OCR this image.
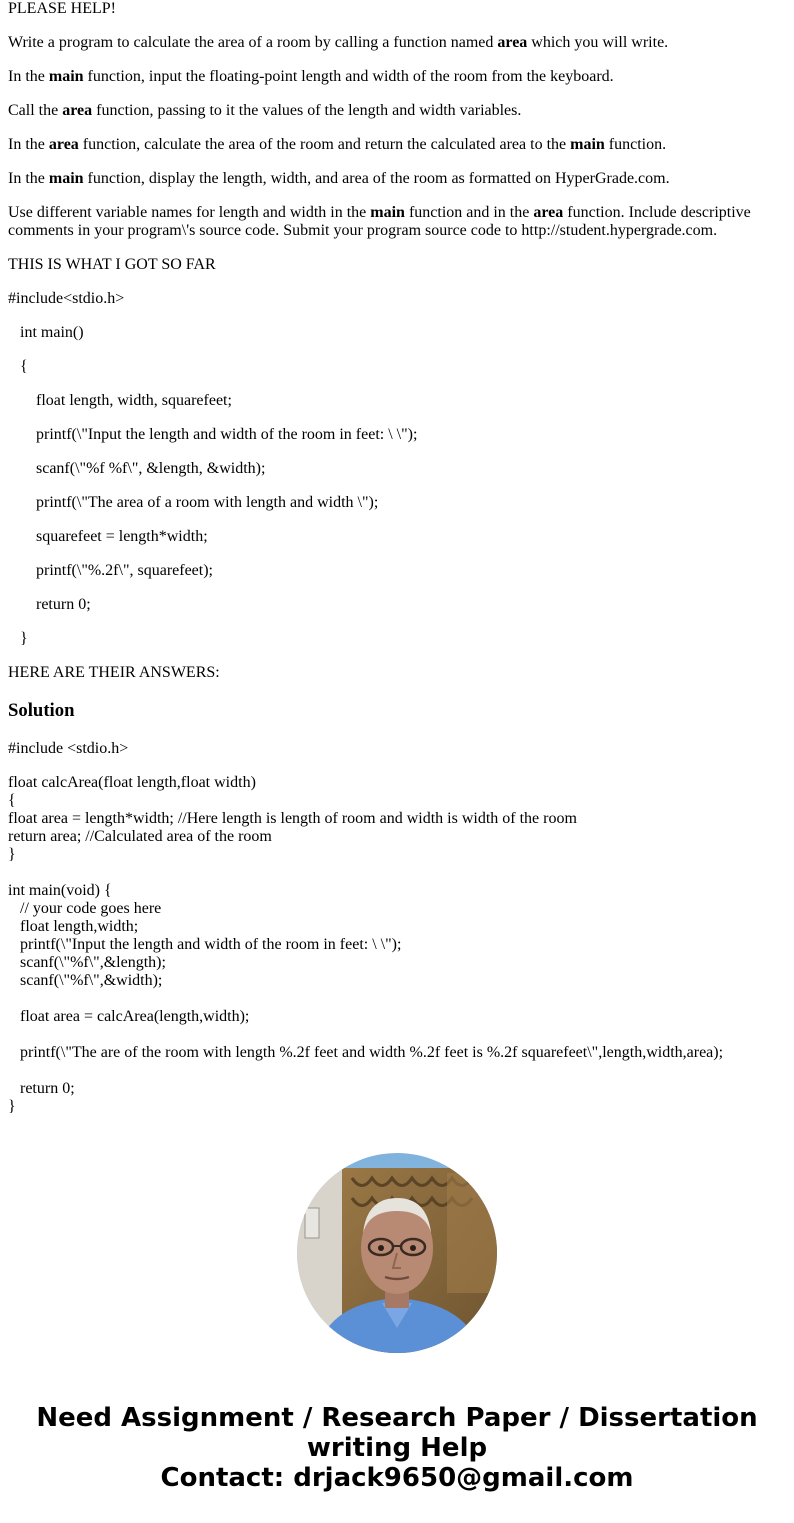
PLEASE HELP!

Write a program to calculate the area of a room by calling a function named area which you will write.

In the main function, input the floating-point length and width of the room from the keyboard.

Call the area function, passing to it the values of the length and width variables.

In the area function, calculate the area of the room and return the calculated area to the main function.

In the main function, display the length, width, and area of the room as formatted on HyperGrade.com.

Use different variable names for length and width in the main function and in the area function. Include descriptive comments in your program\'s source code. Submit your program source code to http://student.hypergrade.com.

THIS IS WHAT I GOT SO FAR

#include<stdio.h>

int main()

{

float length, width, squarefeet;

printf(\"Input the length and width of the room in feet: \ \");

scanf(\"%f %f\", &length, &width);

printf(\"The area of a room with length and width \");

squarefeet = length*width;

printf(\"%.2f\", squarefeet);

return 0;

}

HERE ARE THEIR ANSWERS:

Solution

#include <stdio.h>

float calcArea(float length,float width)
{
float area = length*width; //Here length is length of room and width is width of the room
return area; //Calculated area of the room
}
int main(void) {
// your code goes here
float length,width;
printf(\"Input the length and width of the room in feet: \ \");
scanf(\"%f\",&length);
scanf(\"%f\",&width);
float area = calcArea(length,width);
printf(\"The are of the room with length %.2f feet and width %.2f feet is %.2f squarefeet\",length,width,area);
return 0;
}
Need Assignment / Research Paper / Dissertation
writing Help
Contact: drjack9650@gmail.com
